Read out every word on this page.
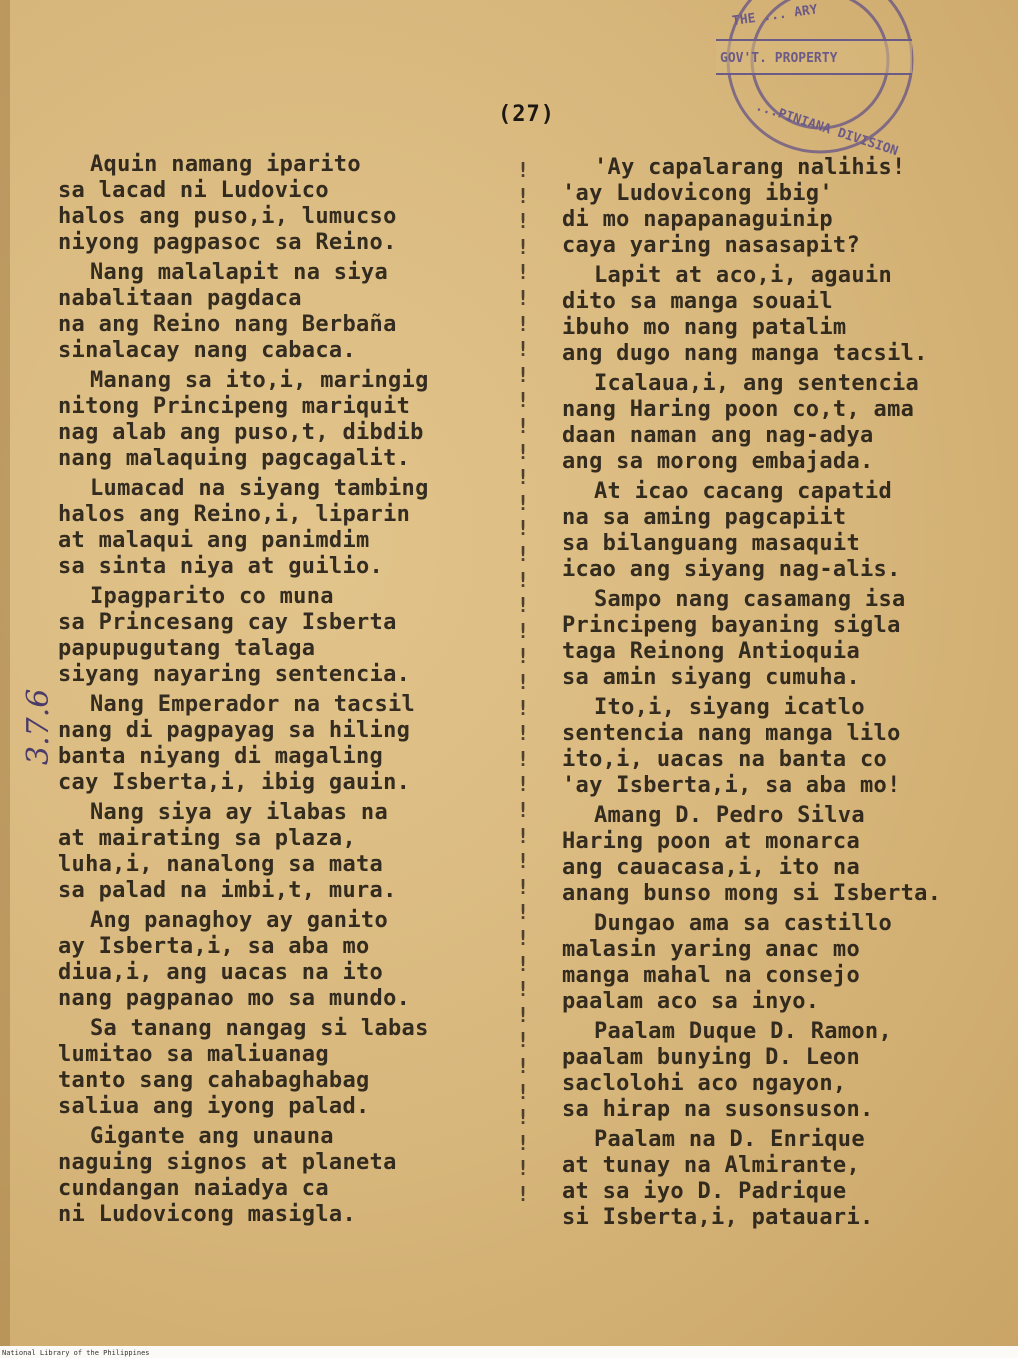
(27)
GOV'T. PROPERTY
...PINIANA DIVISION
THE ... ARY
Aquin namang iparito
sa lacad ni Ludovico
halos ang puso,i, lumucso
niyong pagpasoc sa Reino.
Nang malalapit na siya
nabalitaan pagdaca
na ang Reino nang Berbaña
sinalacay nang cabaca.
Manang sa ito,i, maringig
nitong Principeng mariquit
nag alab ang puso,t, dibdib
nang malaquing pagcagalit.
Lumacad na siyang tambing
halos ang Reino,i, liparin
at malaqui ang panimdim
sa sinta niya at guilio.
Ipagparito co muna
sa Princesang cay Isberta
papupugutang talaga
siyang nayaring sentencia.
Nang Emperador na tacsil
nang di pagpayag sa hiling
banta niyang di magaling
cay Isberta,i, ibig gauin.
Nang siya ay ilabas na
at mairating sa plaza,
luha,i, nanalong sa mata
sa palad na imbi,t, mura.
Ang panaghoy ay ganito
ay Isberta,i, sa aba mo
diua,i, ang uacas na ito
nang pagpanao mo sa mundo.
Sa tanang nangag si labas
lumitao sa maliuanag
tanto sang cahabaghabag
saliua ang iyong palad.
Gigante ang unauna
naguing signos at planeta
cundangan naiadya ca
ni Ludovicong masigla.
!
!
!
!
!
!
!
!
!
!
!
!
!
!
!
!
!
!
!
!
!
!
!
!
!
!
!
!
!
!
!
!
!
!
!
!
!
!
!
!
!
'Ay capalarang nalihis!
'ay Ludovicong ibig'
di mo napapanaguinip
caya yaring nasasapit?
Lapit at aco,i, agauin
dito sa manga souail
ibuho mo nang patalim
ang dugo nang manga tacsil.
Icalaua,i, ang sentencia
nang Haring poon co,t, ama
daan naman ang nag-adya
ang sa morong embajada.
At icao cacang capatid
na sa aming pagcapiit
sa bilanguang masaquit
icao ang siyang nag-alis.
Sampo nang casamang isa
Principeng bayaning sigla
taga Reinong Antioquia
sa amin siyang cumuha.
Ito,i, siyang icatlo
sentencia nang manga lilo
ito,i, uacas na banta co
'ay Isberta,i, sa aba mo!
Amang D. Pedro Silva
Haring poon at monarca
ang cauacasa,i, ito na
anang bunso mong si Isberta.
Dungao ama sa castillo
malasin yaring anac mo
manga mahal na consejo
paalam aco sa inyo.
Paalam Duque D. Ramon,
paalam bunying D. Leon
saclolohi aco ngayon,
sa hirap na susonsuson.
Paalam na D. Enrique
at tunay na Almirante,
at sa iyo D. Padrique
si Isberta,i, patauari.
3.7.6
National Library of the Philippines
